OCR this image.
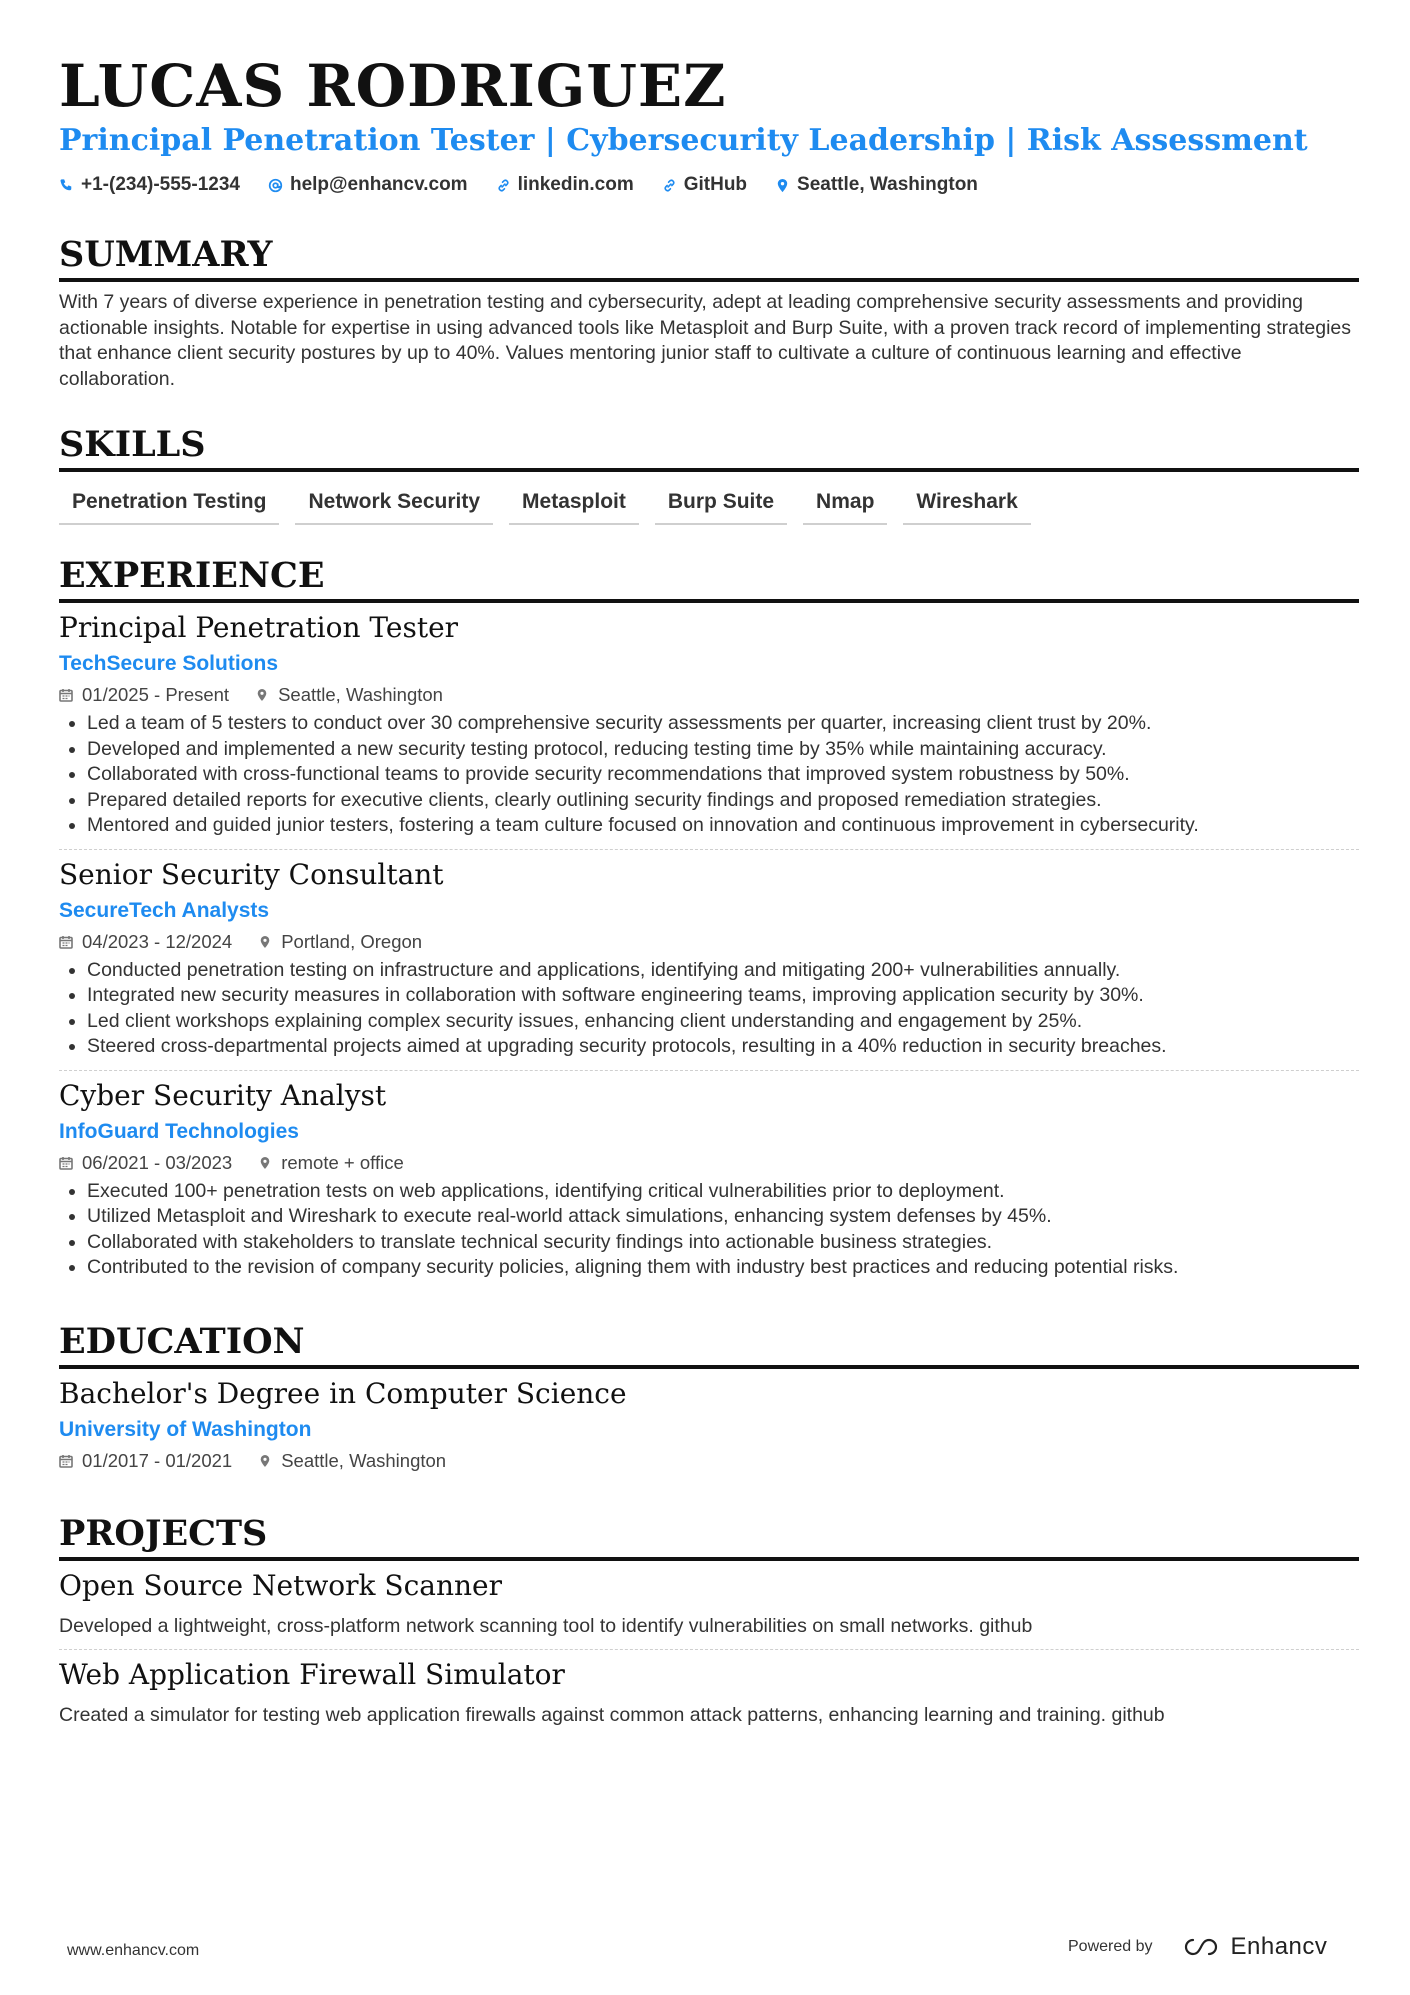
LUCAS RODRIGUEZ
Principal Penetration Tester | Cybersecurity Leadership | Risk Assessment
+1-(234)-555-1234	help@enhancv.com	linkedin.com	GitHub	Seattle, Washington
SUMMARY
With 7 years of diverse experience in penetration testing and cybersecurity, adept at leading comprehensive security assessments and providing actionable insights. Notable for expertise in using advanced tools like Metasploit and Burp Suite, with a proven track record of implementing strategies that enhance client security postures by up to 40%. Values mentoring junior staff to cultivate a culture of continuous learning and effective collaboration.
SKILLS
Penetration Testing	Network Security	Metasploit	Burp Suite	Nmap	Wireshark
EXPERIENCE
Principal Penetration Tester
TechSecure Solutions
01/2025 - Present	Seattle, Washington
• Led a team of 5 testers to conduct over 30 comprehensive security assessments per quarter, increasing client trust by 20%.
• Developed and implemented a new security testing protocol, reducing testing time by 35% while maintaining accuracy.
• Collaborated with cross-functional teams to provide security recommendations that improved system robustness by 50%.
• Prepared detailed reports for executive clients, clearly outlining security findings and proposed remediation strategies.
• Mentored and guided junior testers, fostering a team culture focused on innovation and continuous improvement in cybersecurity.
Senior Security Consultant
SecureTech Analysts
04/2023 - 12/2024	Portland, Oregon
• Conducted penetration testing on infrastructure and applications, identifying and mitigating 200+ vulnerabilities annually.
• Integrated new security measures in collaboration with software engineering teams, improving application security by 30%.
• Led client workshops explaining complex security issues, enhancing client understanding and engagement by 25%.
• Steered cross-departmental projects aimed at upgrading security protocols, resulting in a 40% reduction in security breaches.
Cyber Security Analyst
InfoGuard Technologies
06/2021 - 03/2023	remote + office
• Executed 100+ penetration tests on web applications, identifying critical vulnerabilities prior to deployment.
• Utilized Metasploit and Wireshark to execute real-world attack simulations, enhancing system defenses by 45%.
• Collaborated with stakeholders to translate technical security findings into actionable business strategies.
• Contributed to the revision of company security policies, aligning them with industry best practices and reducing potential risks.
EDUCATION
Bachelor's Degree in Computer Science
University of Washington
01/2017 - 01/2021	Seattle, Washington
PROJECTS
Open Source Network Scanner
Developed a lightweight, cross-platform network scanning tool to identify vulnerabilities on small networks. github
Web Application Firewall Simulator
Created a simulator for testing web application firewalls against common attack patterns, enhancing learning and training. github
www.enhancv.com	Powered by	Enhancv
